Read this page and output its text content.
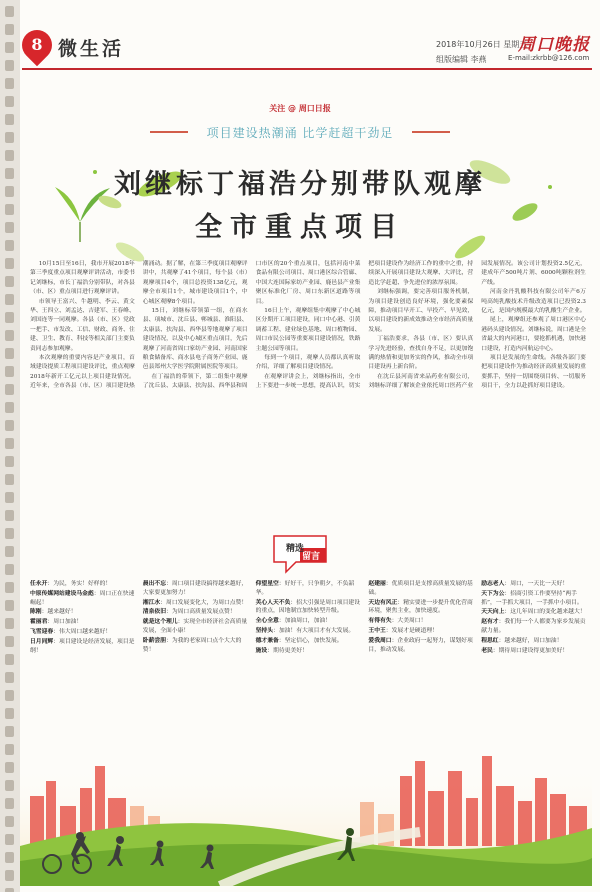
8 微生活	2018年10月26日 星期五
组版编辑 李燕
周口晚报
E-mail:zkrbb@126.com
关注 @ 周口日报
项目建设热潮涌 比学赶超干劲足
刘继标丁福浩分别带队观摩
全市重点项目

10月15日至16日，我市开展2018年第三季度重点项目观摩评讲活动，市委书记刘继标，市长丁福浩分别带队，对各县（市、区）重点项目进行观摩评讲。

市领导王富兴、牛越明、李云、黄文华、王四立、刘孟达、吉建军、王春峰、刘国连等一同观摩。各县（市、区）党政一把手、市发改、工信、财政、商务、住建、卫生、教育、科技等相关部门主要负责同志参加观摩。

本次观摩的重要内容是产业项目，首域建设提质工程项目建设评比，重点观摩2018年新开工亿元以上项目建设情况。近年来，全市各县（市、区）项目建设热潮涌动。据了解，在第三季度项目观摩评讲中，共观摩了41个项目，每个县（市）观摩项目4个，项目总投资138亿元，观摩全市项目1个，城市建设项目1个，中心城区观摩8个项目。

15日，刘继标带领第一组，在商水县、项城市、沈丘县、郸城县、淮阳县、太康县、扶沟县、西华县等地观摩了项目建设情况，以及中心城区重点项目，先后观摩了河南省周口家纺产业园、河南国家粮食储备库、商水县电子商务产业园、鹿邑县郑州大学医学院附属医院等项目。

在丁福浩的带领下，第二组集中观摩了沈丘县、太康县、扶沟县、西华县和周口市区的20个重点项目，包括河南中菜食品有限公司项目、周口港区综合管廊、中国大连国际家纺产业园、鹿邑县产业集聚区标准化厂房、周口东新区道路等项目。

16日上午，观摩组集中观摩了中心城区分期开工项目建设，同口中心港、引黄调蓄工程、建业绿色基地、周口植物园、周口市民公园等重要项目建设情况，铁路主题公园等项目。

每到一个项目，观摩人员都认真听取介绍，详细了解项目建设情况。

在观摩评讲会上，刘继标指出，全市上下要进一步统一思想，提高认识，切实把项目建设作为经济工作的重中之重，持续深入开展项目建设大观摩、大评比，营造比学赶超、争先进位的浓厚氛围。

刘继标强调，要完善项目服务机制，为项目建设创造良好环境，强化要素保障，推动项目早开工、早投产、早见效，以项目建设的新成效推动全市经济高质量发展。

丁福浩要求，各县（市、区）要认真学习先进经验，查找自身不足，以更加饱满的热情和更加务实的作风，推动全市项目建设再上新台阶。

在沈丘县河南省来品药业有限公司，刘继标详细了解该企业依托周口医药产业园发展情况。该公司计划投资2.5亿元，建成年产500吨片剂、6000吨颗粒剂生产线。

河南金丹乳酸科技有限公司年产6万吨高纯乳酸技术升级改造项目已投资2.3亿元，是国内规模最大的乳酸生产企业。

尾上，观摩组还参观了周口港区中心港码头建设情况。刘继标说，周口港是全省最大的内河港口，要抢抓机遇，加快港口建设，打造内河航运中心。

项目是发展的生命线。各级各部门要把项目建设作为推动经济高质量发展的重要抓手，坚持一切围绕项目转、一切服务项目干，全力以赴抓好项目建设。

精选
留言
任永开：为民，务实！好样的！
中原传媒网站建设马金彪：周口正在快速崛起！
陈刚：越来越好！
霍丽君：周口加油！
飞雪迎春：伟大周口越来越好！
日月同辉：项目建设是经济发展，项目是纲！
晨出不忘：周口项目建设搞得越来越好，大家要更加努力！
湘江水：周口发展变化大，为周口点赞！
清泉依旧：为周口高质量发展点赞！
就是这个理儿：实现全市经济社会高质量发展，全面小康！
卧薪尝胆：为我的老家周口点个大大的赞！
仰望星空：好好干，只争朝夕，不负韶华。
芙心人天不负：招大引强是周口项目建设的重点，因地制宜加快转型升级。
全心全意：加油周口，加油！
坚持头：加油！有大项目才有大发展。
德才兼备：坚定信心，加快发展。
施设：期待更美好！
赵建丽：优质项目是支撑高质量发展的基础。
天边有风正：精实要进一步提升优化营商环境，聚焦主业，加快速度。
有得有失：大美周口！
王中王：发展才是硬道理！
爱我周口：企业政府一起努力，谋划好项目，推动发展。
励志老人：周口，一天比一天好！
天下为公：招商引资工作要坚持“两手抓”，一手抓大项目，一手抓中小项目。
天天向上：这几年周口的变化越来越大！
赵有才：我们每一个人都要为家乡发展贡献力量。
程思红：越来越好，周口加油！
老民：期待周口建设得更加美好！
